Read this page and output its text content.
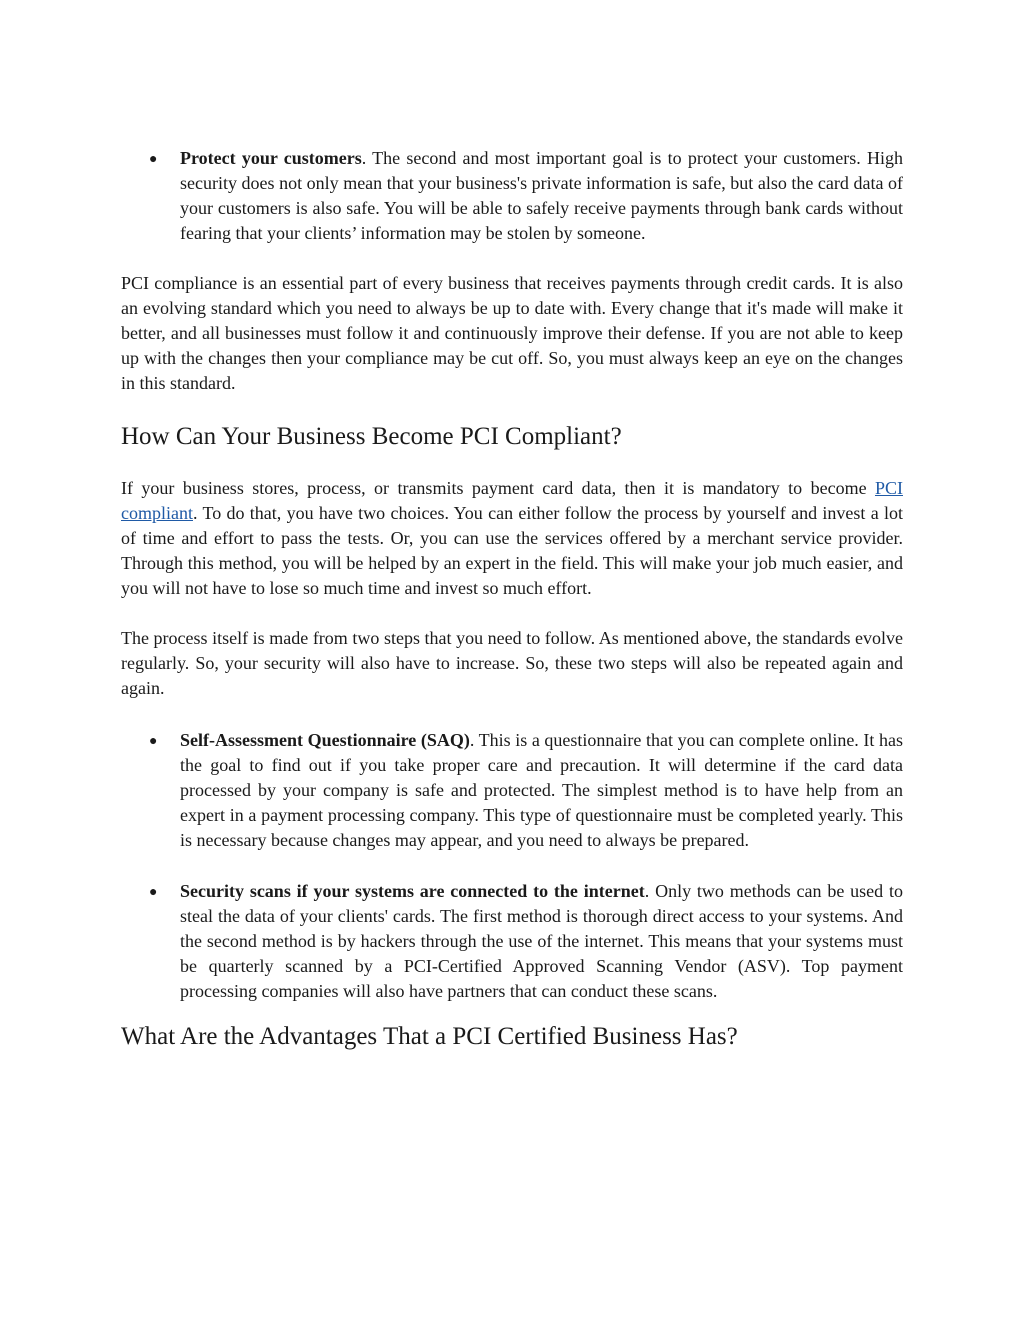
● Protect your customers. The second and most important goal is to protect your customers. High security does not only mean that your business's private information is safe, but also the card data of your customers is also safe. You will be able to safely receive payments through bank cards without fearing that your clients’ information may be stolen by someone.

PCI compliance is an essential part of every business that receives payments through credit cards. It is also an evolving standard which you need to always be up to date with. Every change that it's made will make it better, and all businesses must follow it and continuously improve their defense. If you are not able to keep up with the changes then your compliance may be cut off. So, you must always keep an eye on the changes in this standard.

How Can Your Business Become PCI Compliant?

If your business stores, process, or transmits payment card data, then it is mandatory to become PCI compliant. To do that, you have two choices. You can either follow the process by yourself and invest a lot of time and effort to pass the tests. Or, you can use the services offered by a merchant service provider. Through this method, you will be helped by an expert in the field. This will make your job much easier, and you will not have to lose so much time and invest so much effort.

The process itself is made from two steps that you need to follow. As mentioned above, the standards evolve regularly. So, your security will also have to increase. So, these two steps will also be repeated again and again.

● Self-Assessment Questionnaire (SAQ). This is a questionnaire that you can complete online. It has the goal to find out if you take proper care and precaution. It will determine if the card data processed by your company is safe and protected. The simplest method is to have help from an expert in a payment processing company. This type of questionnaire must be completed yearly. This is necessary because changes may appear, and you need to always be prepared.

● Security scans if your systems are connected to the internet. Only two methods can be used to steal the data of your clients' cards. The first method is thorough direct access to your systems. And the second method is by hackers through the use of the internet. This means that your systems must be quarterly scanned by a PCI-Certified Approved Scanning Vendor (ASV). Top payment processing companies will also have partners that can conduct these scans.

What Are the Advantages That a PCI Certified Business Has?
